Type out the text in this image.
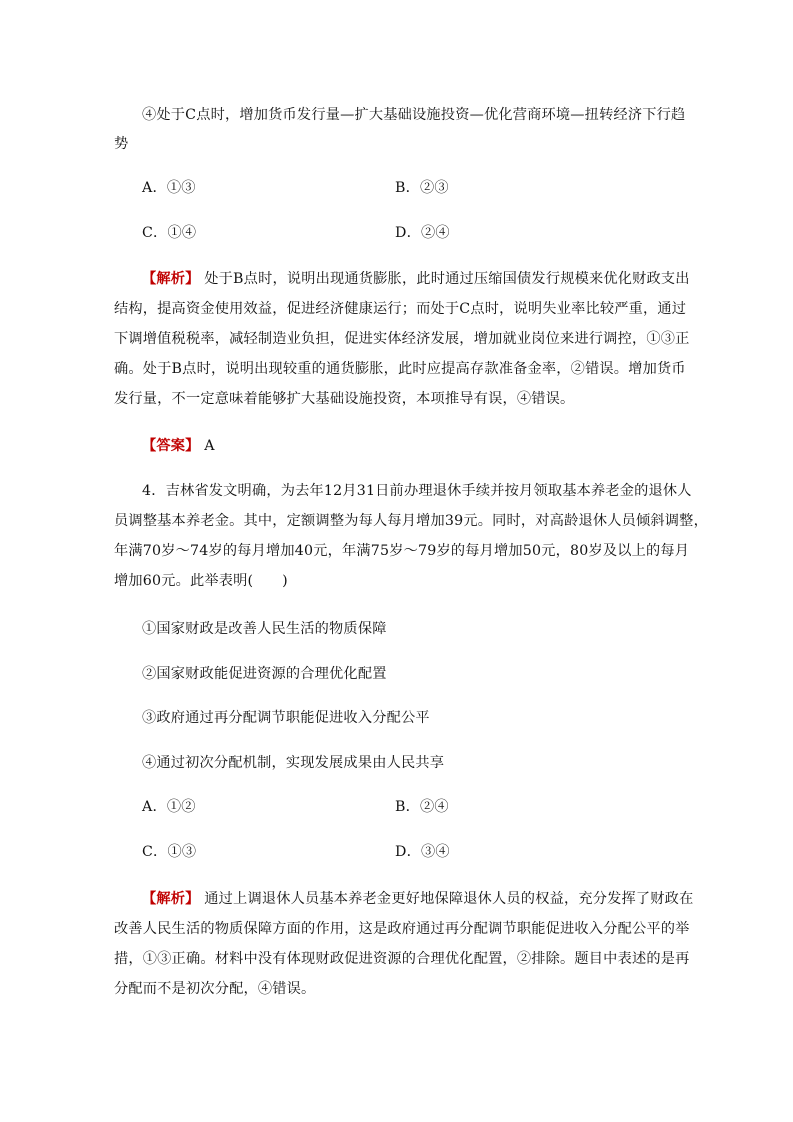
④处于C点时，增加货币发行量—扩大基础设施投资—优化营商环境—扭转经济下行趋
势
A．①③	B．②③
C．①④	D．②④
【解析】 处于B点时，说明出现通货膨胀，此时通过压缩国债发行规模来优化财政支出
结构，提高资金使用效益，促进经济健康运行；而处于C点时，说明失业率比较严重，通过
下调增值税税率，减轻制造业负担，促进实体经济发展，增加就业岗位来进行调控，①③正
确。处于B点时，说明出现较重的通货膨胀，此时应提高存款准备金率，②错误。增加货币
发行量，不一定意味着能够扩大基础设施投资，本项推导有误，④错误。
【答案】 A
4．吉林省发文明确，为去年12月31日前办理退休手续并按月领取基本养老金的退休人
员调整基本养老金。其中，定额调整为每人每月增加39元。同时，对高龄退休人员倾斜调整，
年满70岁～74岁的每月增加40元，年满75岁～79岁的每月增加50元，80岁及以上的每月
增加60元。此举表明(　　)
①国家财政是改善人民生活的物质保障
②国家财政能促进资源的合理优化配置
③政府通过再分配调节职能促进收入分配公平
④通过初次分配机制，实现发展成果由人民共享
A．①②	B．②④
C．①③	D．③④
【解析】 通过上调退休人员基本养老金更好地保障退休人员的权益，充分发挥了财政在
改善人民生活的物质保障方面的作用，这是政府通过再分配调节职能促进收入分配公平的举
措，①③正确。材料中没有体现财政促进资源的合理优化配置，②排除。题目中表述的是再
分配而不是初次分配，④错误。
